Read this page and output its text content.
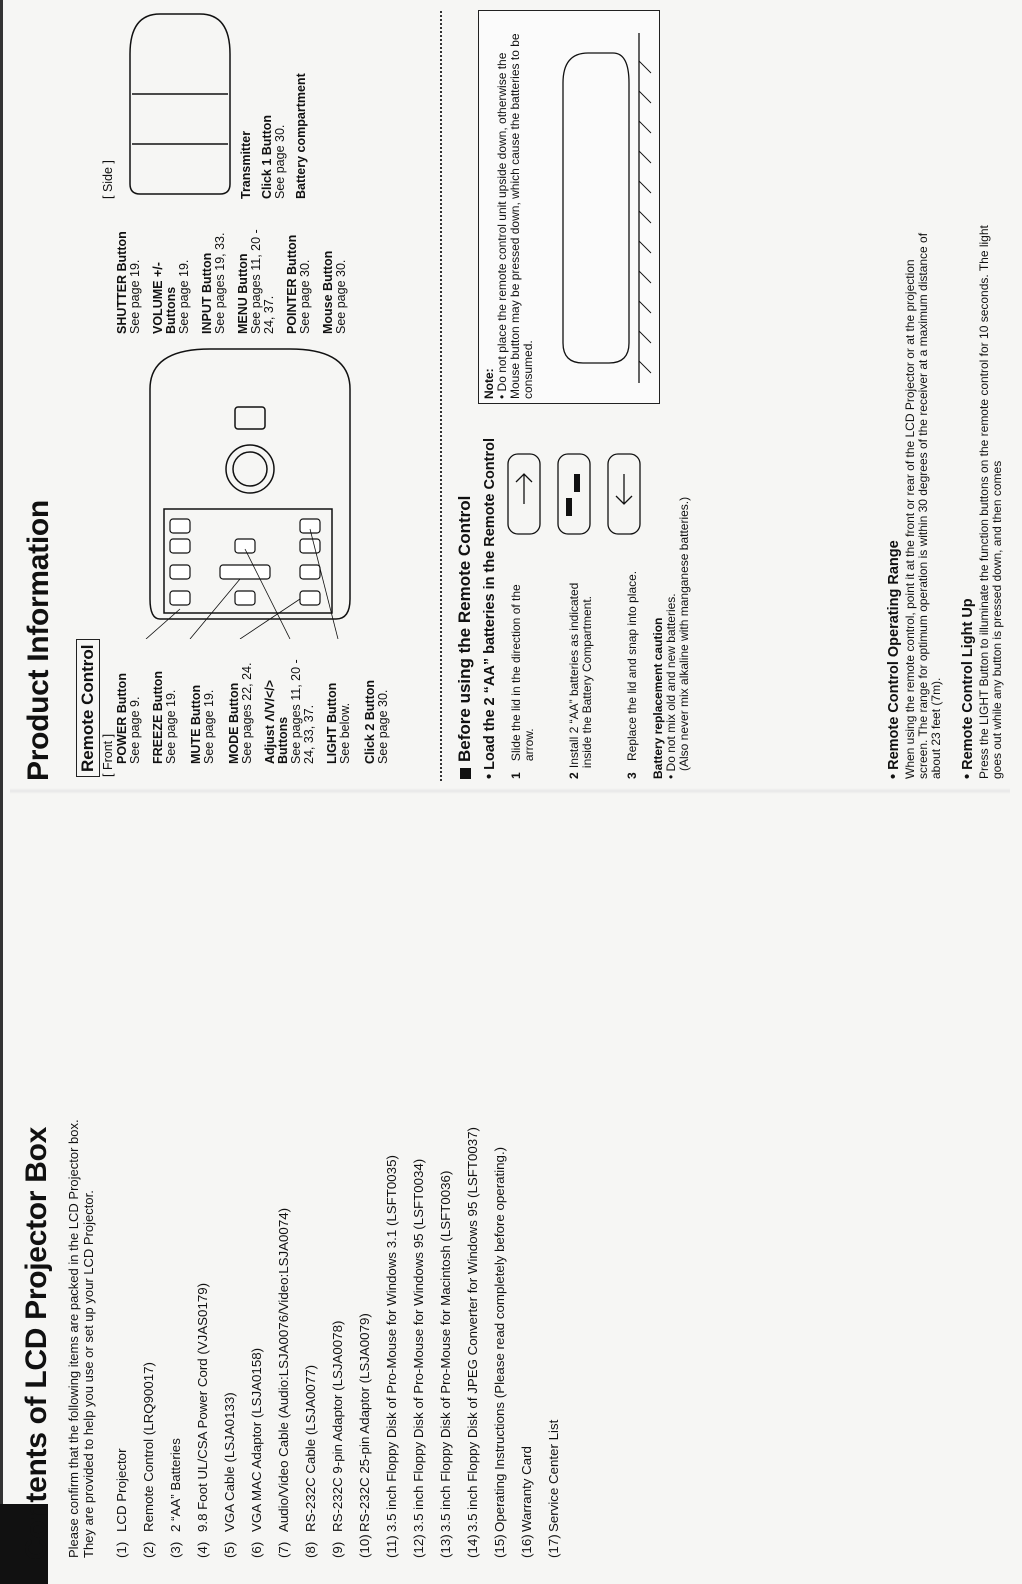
Contents of LCD Projector Box Please confirm that the following items are packed in the LCD Projector box. They are provided to help you use or set up your LCD Projector. (1)
LCD Projector
(2)
Remote Control (LRQ90017)
(3)
2 “AA” Batteries
(4)
9.8 Foot UL/CSA Power Cord (VJAS0179)
(5)
VGA Cable (LSJA0133)
(6)
VGA MAC Adaptor (LSJA0158)
(7)
Audio/Video Cable (Audio:LSJA0076/Video:LSJA0074)
(8)
RS-232C Cable (LSJA0077)
(9)
RS-232C 9-pin Adaptor (LSJA0078)
(10)
RS-232C 25-pin Adaptor (LSJA0079)
(11)
3.5 inch Floppy Disk of Pro-Mouse for Windows 3.1 (LSFT0035)
(12)
3.5 inch Floppy Disk of Pro-Mouse for Windows 95 (LSFT0034)
(13)
3.5 inch Floppy Disk of Pro-Mouse for Macintosh (LSFT0036)
(14)
3.5 inch Floppy Disk of JPEG Converter for Windows 95 (LSFT0037)
(15)
Operating Instructions (Please read completely before operating.)
(16)
Warranty Card
(17)
Service Center List
Product Information Remote Control [ Front ] POWER Button See page 9. FREEZE Button See page 19. MUTE Button See page 19. MODE Button See pages 22, 24. Adjust Λ/V/</> Buttons See pages 11, 20 - 24, 33, 37. LIGHT Button See below. Click 2 Button See page 30.
SHUTTER Button See page 19. VOLUME +/- Buttons See page 19. INPUT Button See pages 19, 33. MENU Button See pages 11, 20 - 24, 37. POINTER Button See page 30. Mouse Button See page 30.
[ Side ]	Transmitter Click 1 Button See page 30. Battery compartment
Before using the Remote Control • Load the 2 “AA” batteries in the Remote Control 1
Slide the lid in the direction of the arrow.
2
Install 2 “AA” batteries as indicated inside the Battery Compartment.
3
Replace the lid and snap into place. Battery replacement caution • Do not mix old and new batteries. (Also never mix alkaline with manganese batteries.)
Note: • Do not place the remote control unit upside down, otherwise the Mouse button may be pressed down, which cause the batteries to be consumed.
• Remote Control Operating Range When using the remote control, point it at the front or rear of the LCD Projector or at the projection screen. The range for optimum operation is within 30 degrees of the receiver at a maximum distance of about 23 feet (7m). • Remote Control Light Up Press the LIGHT Button to illuminate the function buttons on the remote control for 10 seconds. The light goes out while any button is pressed down, and then comes
